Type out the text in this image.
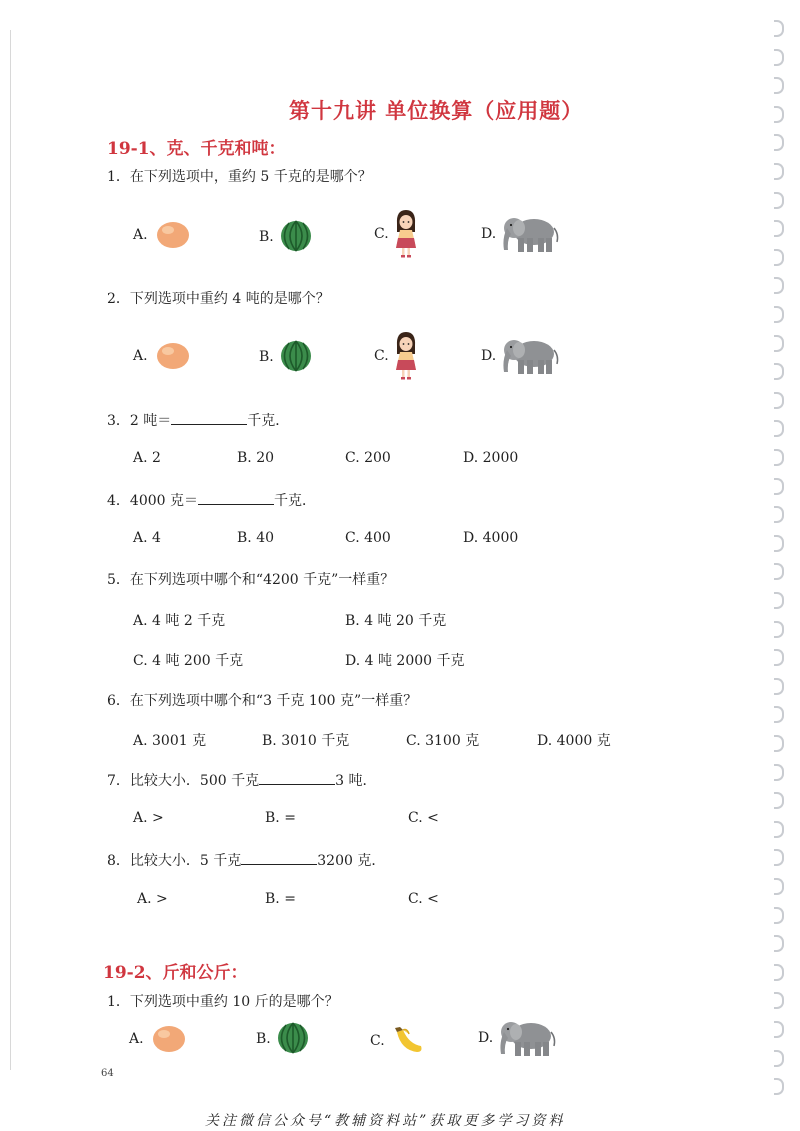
第十九讲 单位换算（应用题）
19-1、克、千克和吨：
1．在下列选项中，重约 5 千克的是哪个？
A.	B.	C.	D.
2．下列选项中重约 4 吨的是哪个？
A.	B.	C.	D.
3．2 吨＝	千克．
A. 2	B. 20	C. 200	D. 2000
4．4000 克＝	千克．
A. 4	B. 40	C. 400	D. 4000
5．在下列选项中哪个和“4200 千克”一样重？
A. 4 吨 2 千克	B. 4 吨 20 千克
C. 4 吨 200 千克	D. 4 吨 2000 千克
6．在下列选项中哪个和“3 千克 100 克”一样重？
A. 3001 克	B. 3010 千克	C. 3100 克	D. 4000 克
7．比较大小．500 千克	3 吨．
A. >	B. =	C. <
8．比较大小．5 千克	3200 克．
A. >	B. =	C. <
19-2、斤和公斤：
1．下列选项中重约 10 斤的是哪个？
A.	B.	C.	D.
64
关注微信公众号“教辅资料站”获取更多学习资料
